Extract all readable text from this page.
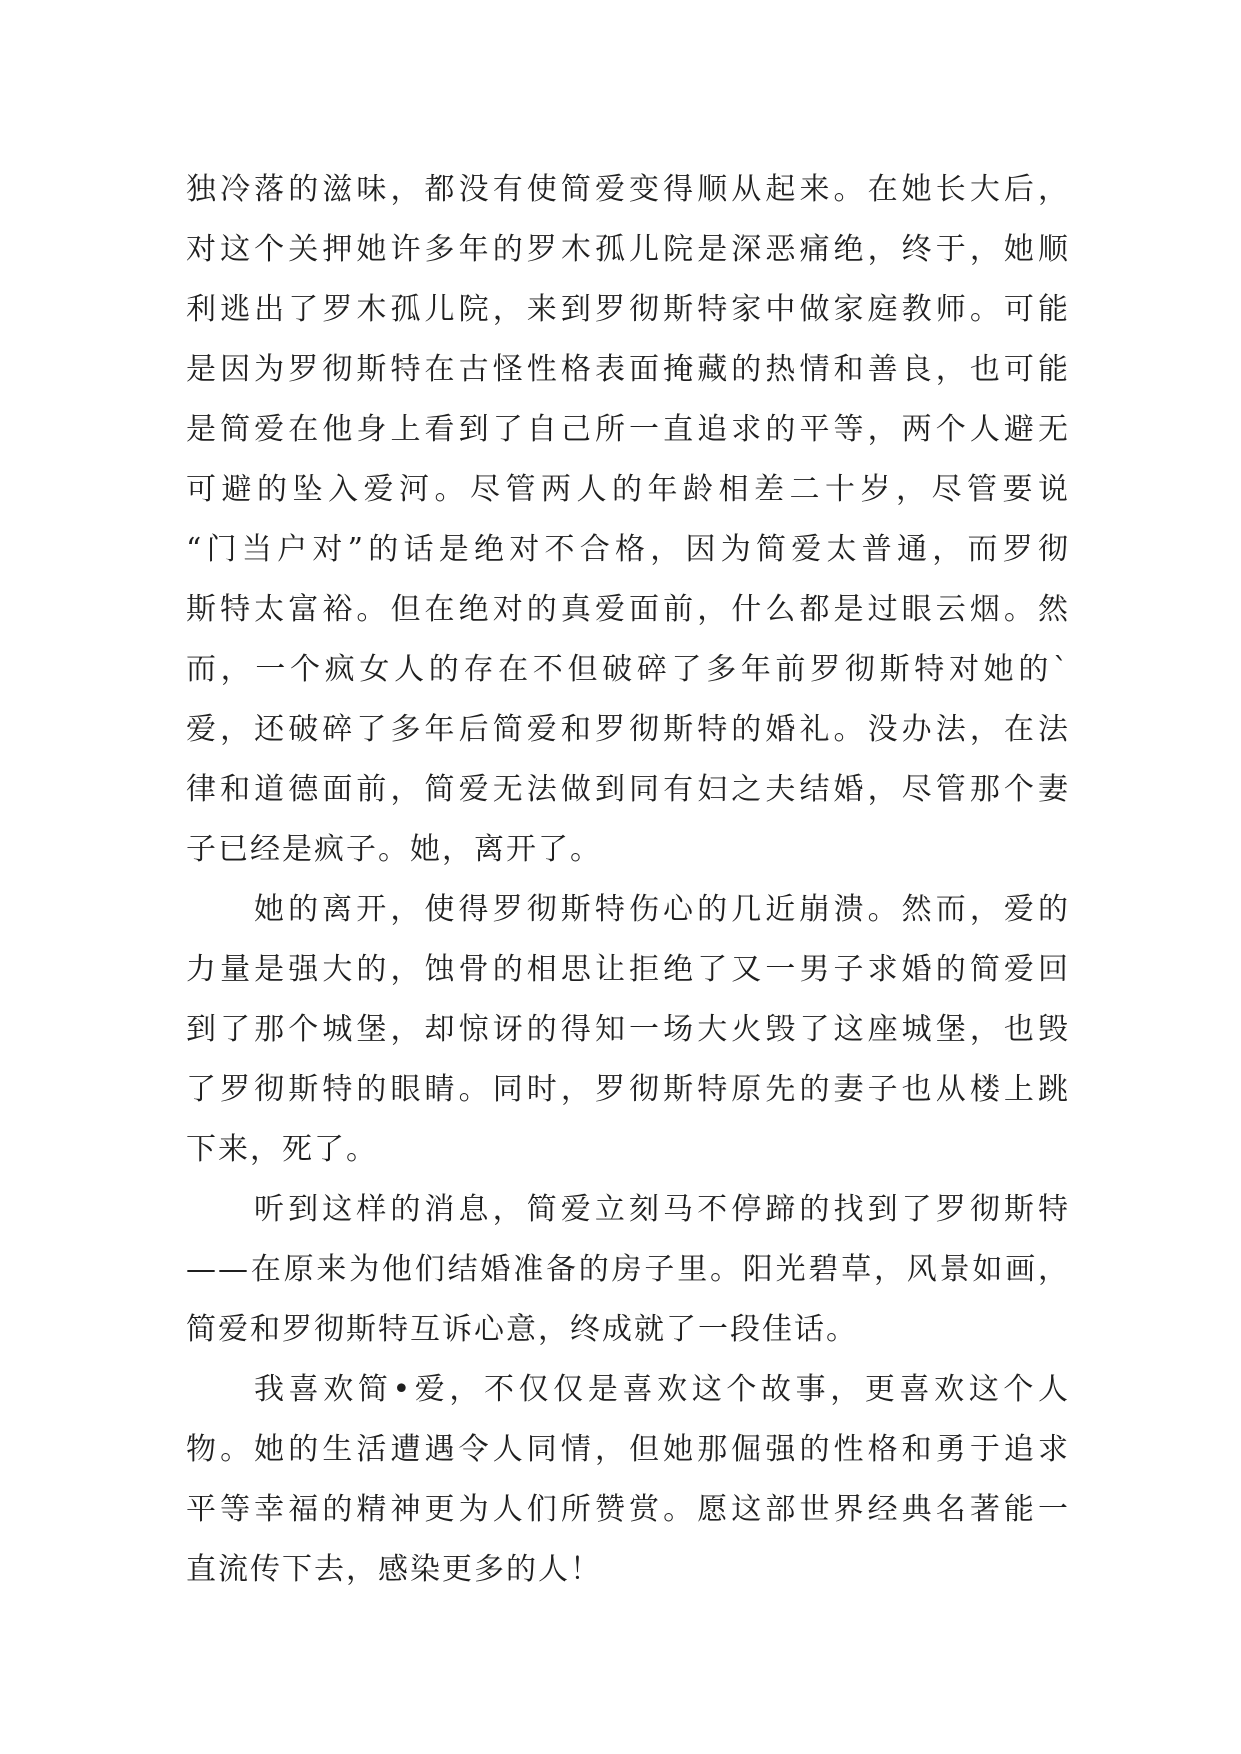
独冷落的滋味，都没有使简爱变得顺从起来。在她长大后，
对这个关押她许多年的罗木孤儿院是深恶痛绝，终于，她顺
利逃出了罗木孤儿院，来到罗彻斯特家中做家庭教师。可能
是因为罗彻斯特在古怪性格表面掩藏的热情和善良，也可能
是简爱在他身上看到了自己所一直追求的平等，两个人避无
可避的坠入爱河。尽管两人的年龄相差二十岁，尽管要说
“门当户对”的话是绝对不合格，因为简爱太普通，而罗彻
斯特太富裕。但在绝对的真爱面前，什么都是过眼云烟。然
而，一个疯女人的存在不但破碎了多年前罗彻斯特对她的`
爱，还破碎了多年后简爱和罗彻斯特的婚礼。没办法，在法
律和道德面前，简爱无法做到同有妇之夫结婚，尽管那个妻
子已经是疯子。她，离开了。
她的离开，使得罗彻斯特伤心的几近崩溃。然而，爱的
力量是强大的，蚀骨的相思让拒绝了又一男子求婚的简爱回
到了那个城堡，却惊讶的得知一场大火毁了这座城堡，也毁
了罗彻斯特的眼睛。同时，罗彻斯特原先的妻子也从楼上跳
下来，死了。
听到这样的消息，简爱立刻马不停蹄的找到了罗彻斯特
——在原来为他们结婚准备的房子里。阳光碧草，风景如画，
简爱和罗彻斯特互诉心意，终成就了一段佳话。
我喜欢简•爱，不仅仅是喜欢这个故事，更喜欢这个人
物。她的生活遭遇令人同情，但她那倔强的性格和勇于追求
平等幸福的精神更为人们所赞赏。愿这部世界经典名著能一
直流传下去，感染更多的人！
